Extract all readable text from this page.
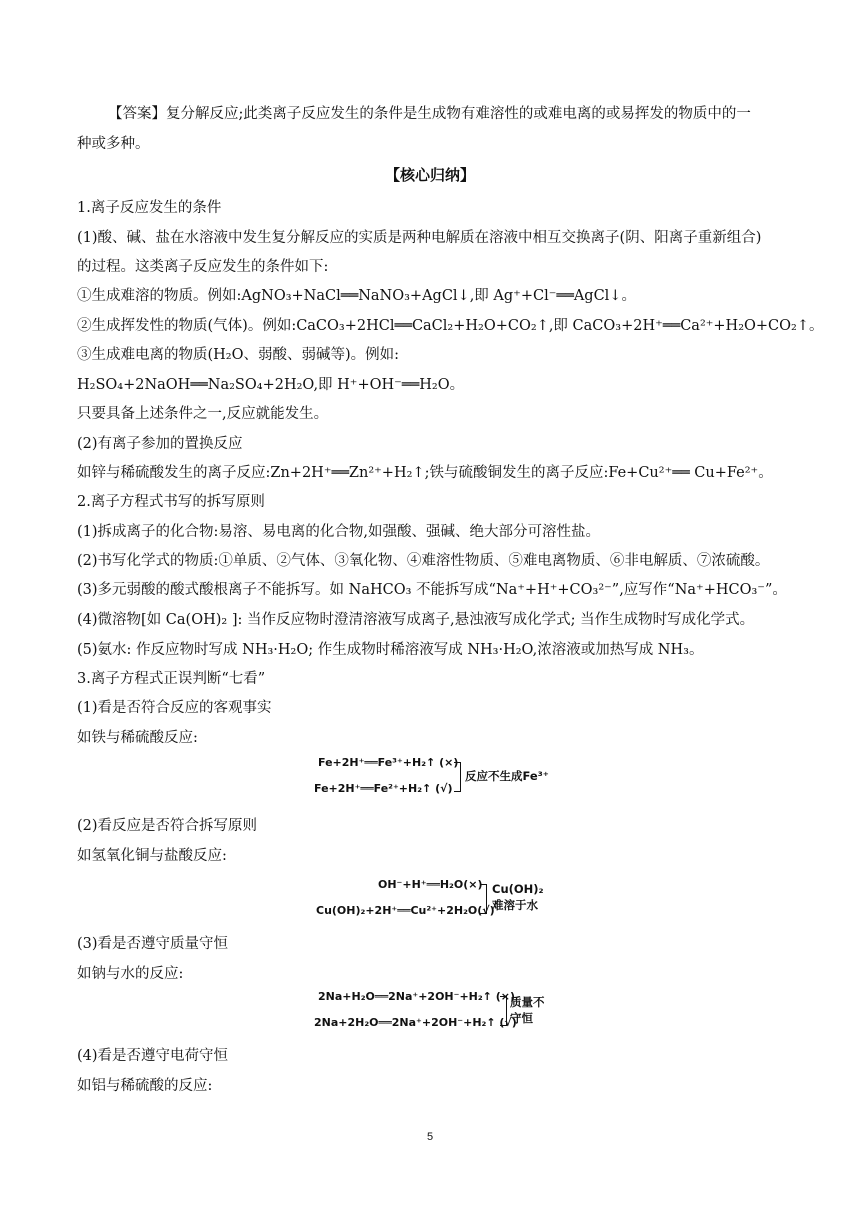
【答案】复分解反应;此类离子反应发生的条件是生成物有难溶性的或难电离的或易挥发的物质中的一
种或多种。
【核心归纳】
1.离子反应发生的条件
(1)酸、碱、盐在水溶液中发生复分解反应的实质是两种电解质在溶液中相互交换离子(阴、阳离子重新组合)
的过程。这类离子反应发生的条件如下:
①生成难溶的物质。例如:AgNO₃+NaCl══NaNO₃+AgCl↓,即 Ag⁺+Cl⁻══AgCl↓。
②生成挥发性的物质(气体)。例如:CaCO₃+2HCl══CaCl₂+H₂O+CO₂↑,即 CaCO₃+2H⁺══Ca²⁺+H₂O+CO₂↑。
③生成难电离的物质(H₂O、弱酸、弱碱等)。例如:
H₂SO₄+2NaOH══Na₂SO₄+2H₂O,即 H⁺+OH⁻══H₂O。
只要具备上述条件之一,反应就能发生。
(2)有离子参加的置换反应
如锌与稀硫酸发生的离子反应:Zn+2H⁺══Zn²⁺+H₂↑;铁与硫酸铜发生的离子反应:Fe+Cu²⁺══ Cu+Fe²⁺。
2.离子方程式书写的拆写原则
(1)拆成离子的化合物:易溶、易电离的化合物,如强酸、强碱、绝大部分可溶性盐。
(2)书写化学式的物质:①单质、②气体、③氧化物、④难溶性物质、⑤难电离物质、⑥非电解质、⑦浓硫酸。
(3)多元弱酸的酸式酸根离子不能拆写。如 NaHCO₃ 不能拆写成“Na⁺+H⁺+CO₃²⁻”,应写作“Na⁺+HCO₃⁻”。
(4)微溶物[如 Ca(OH)₂ ]: 当作反应物时澄清溶液写成离子,悬浊液写成化学式; 当作生成物时写成化学式。
(5)氨水: 作反应物时写成 NH₃·H₂O; 作生成物时稀溶液写成 NH₃·H₂O,浓溶液或加热写成 NH₃。
3.离子方程式正误判断“七看”
(1)看是否符合反应的客观事实
如铁与稀硫酸反应:
Fe+2H⁺══Fe³⁺+H₂↑ (×)
Fe+2H⁺══Fe²⁺+H₂↑ (√)
反应不生成Fe³⁺
(2)看反应是否符合拆写原则
如氢氧化铜与盐酸反应:
OH⁻+H⁺══H₂O(×)
Cu(OH)₂+2H⁺══Cu²⁺+2H₂O(√)
Cu(OH)₂
难溶于水
(3)看是否遵守质量守恒
如钠与水的反应:
2Na+H₂O══2Na⁺+2OH⁻+H₂↑ (×)
2Na+2H₂O══2Na⁺+2OH⁻+H₂↑ (√)
质量不
守恒
(4)看是否遵守电荷守恒
如铝与稀硫酸的反应:
5
